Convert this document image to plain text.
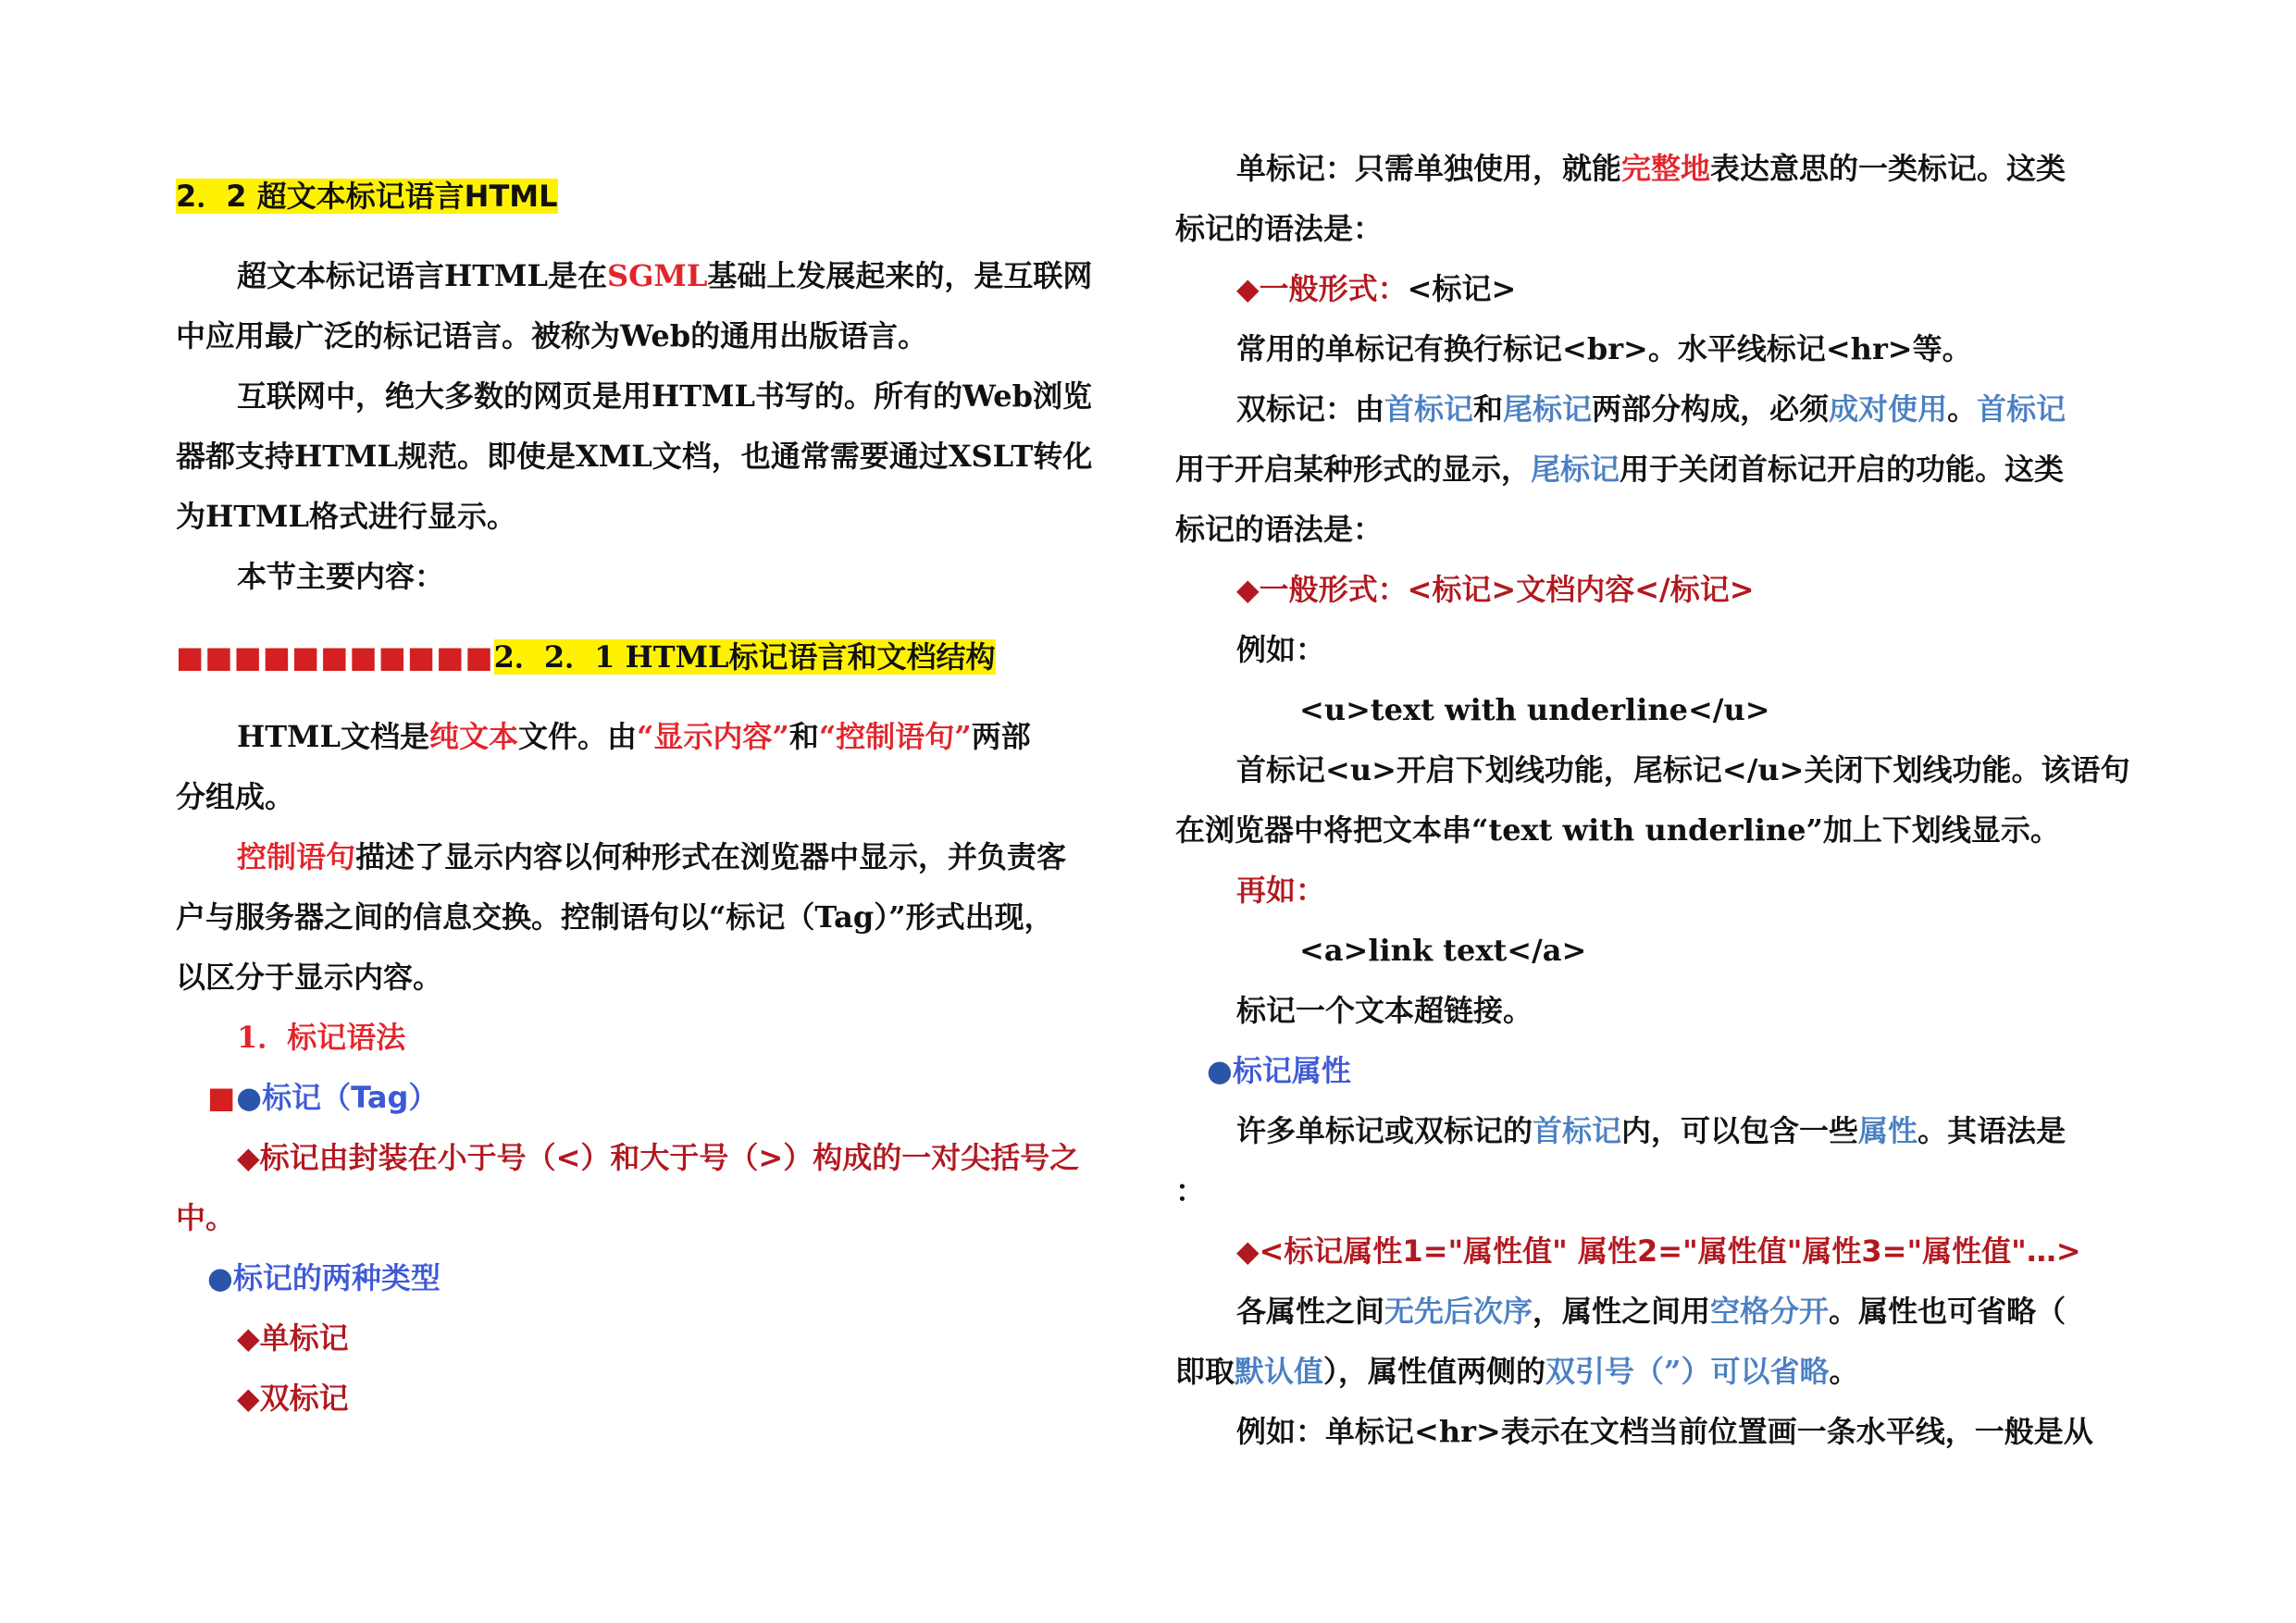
2．2 超文本标记语言HTML
超文本标记语言HTML是在SGML基础上发展起来的，是互联网
中应用最广泛的标记语言。被称为Web的通用出版语言。
互联网中，绝大多数的网页是用HTML书写的。所有的Web浏览
器都支持HTML规范。即使是XML文档，也通常需要通过XSLT转化
为HTML格式进行显示。
本节主要内容：
■■■■■■■■■■■2．2．1 HTML标记语言和文档结构
HTML文档是纯文本文件。由“显示内容”和“控制语句”两部
分组成。
控制语句描述了显示内容以何种形式在浏览器中显示，并负责客
户与服务器之间的信息交换。控制语句以“标记（Tag）”形式出现，
以区分于显示内容。
1．标记语法
■●标记（Tag）
◆标记由封装在小于号（<）和大于号（>）构成的一对尖括号之
中。
●标记的两种类型
◆单标记
◆双标记
单标记：只需单独使用，就能完整地表达意思的一类标记。这类
标记的语法是：
◆一般形式：<标记>
常用的单标记有换行标记<br>。水平线标记<hr>等。
双标记：由首标记和尾标记两部分构成，必须成对使用。首标记
用于开启某种形式的显示，尾标记用于关闭首标记开启的功能。这类
标记的语法是：
◆一般形式：<标记>文档内容</标记>
例如：
<u>text with underline</u>
首标记<u>开启下划线功能，尾标记</u>关闭下划线功能。该语句
在浏览器中将把文本串“text with underline”加上下划线显示。
再如：
<a>link text</a>
标记一个文本超链接。
●标记属性
许多单标记或双标记的首标记内，可以包含一些属性。其语法是
：
◆<标记属性1="属性值" 属性2="属性值"属性3="属性值"…>
各属性之间无先后次序，属性之间用空格分开。属性也可省略（
即取默认值），属性值两侧的双引号（”）可以省略。
例如：单标记<hr>表示在文档当前位置画一条水平线，一般是从
